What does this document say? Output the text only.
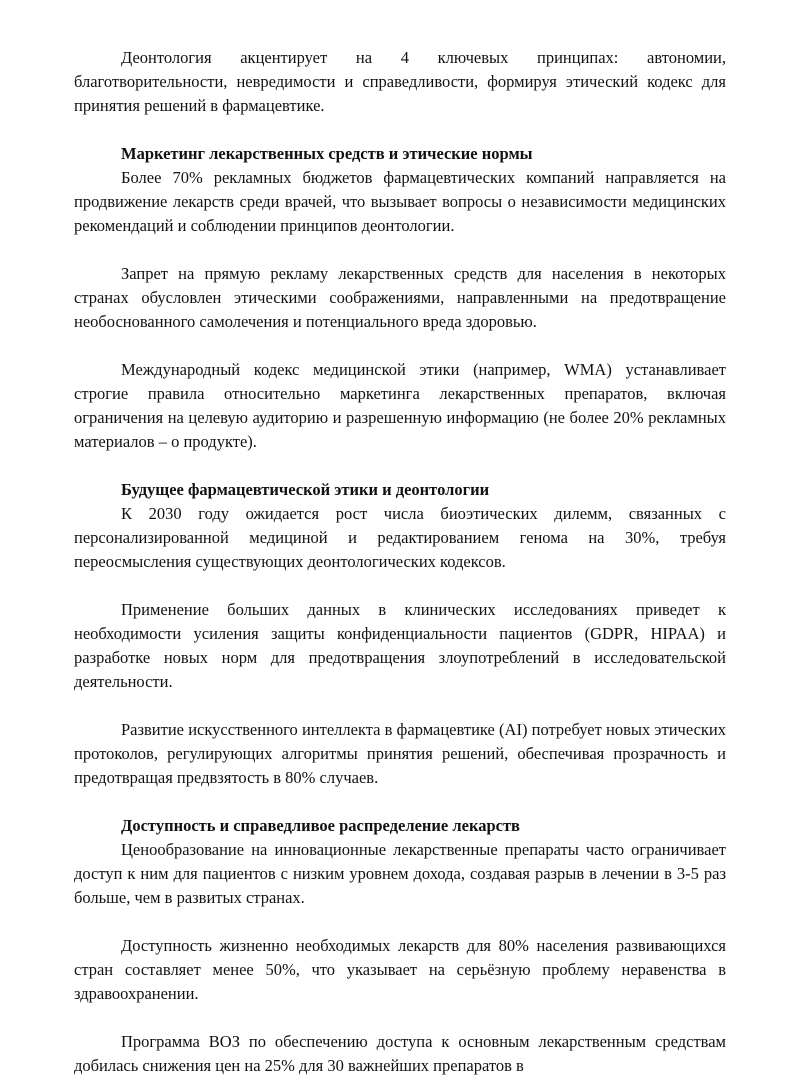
Деонтология акцентирует на 4 ключевых принципах: автономии, благотворительности, невредимости и справедливости, формируя этический кодекс для принятия решений в фармацевтике.

Маркетинг лекарственных средств и этические нормы

Более 70% рекламных бюджетов фармацевтических компаний направляется на продвижение лекарств среди врачей, что вызывает вопросы о независимости медицинских рекомендаций и соблюдении принципов деонтологии.

Запрет на прямую рекламу лекарственных средств для населения в некоторых странах обусловлен этическими соображениями, направленными на предотвращение необоснованного самолечения и потенциального вреда здоровью.

Международный кодекс медицинской этики (например, WMA) устанавливает строгие правила относительно маркетинга лекарственных препаратов, включая ограничения на целевую аудиторию и разрешенную информацию (не более 20% рекламных материалов – о продукте).

Будущее фармацевтической этики и деонтологии

К 2030 году ожидается рост числа биоэтических дилемм, связанных с персонализированной медициной и редактированием генома на 30%, требуя переосмысления существующих деонтологических кодексов.

Применение больших данных в клинических исследованиях приведет к необходимости усиления защиты конфиденциальности пациентов (GDPR, HIPAA) и разработке новых норм для предотвращения злоупотреблений в исследовательской деятельности.

Развитие искусственного интеллекта в фармацевтике (AI) потребует новых этических протоколов, регулирующих алгоритмы принятия решений, обеспечивая прозрачность и предотвращая предвзятость в 80% случаев.

Доступность и справедливое распределение лекарств

Ценообразование на инновационные лекарственные препараты часто ограничивает доступ к ним для пациентов с низким уровнем дохода, создавая разрыв в лечении в 3-5 раз больше, чем в развитых странах.

Доступность жизненно необходимых лекарств для 80% населения развивающихся стран составляет менее 50%, что указывает на серьёзную проблему неравенства в здравоохранении.

Программа ВОЗ по обеспечению доступа к основным лекарственным средствам добилась снижения цен на 25% для 30 важнейших препаратов в
